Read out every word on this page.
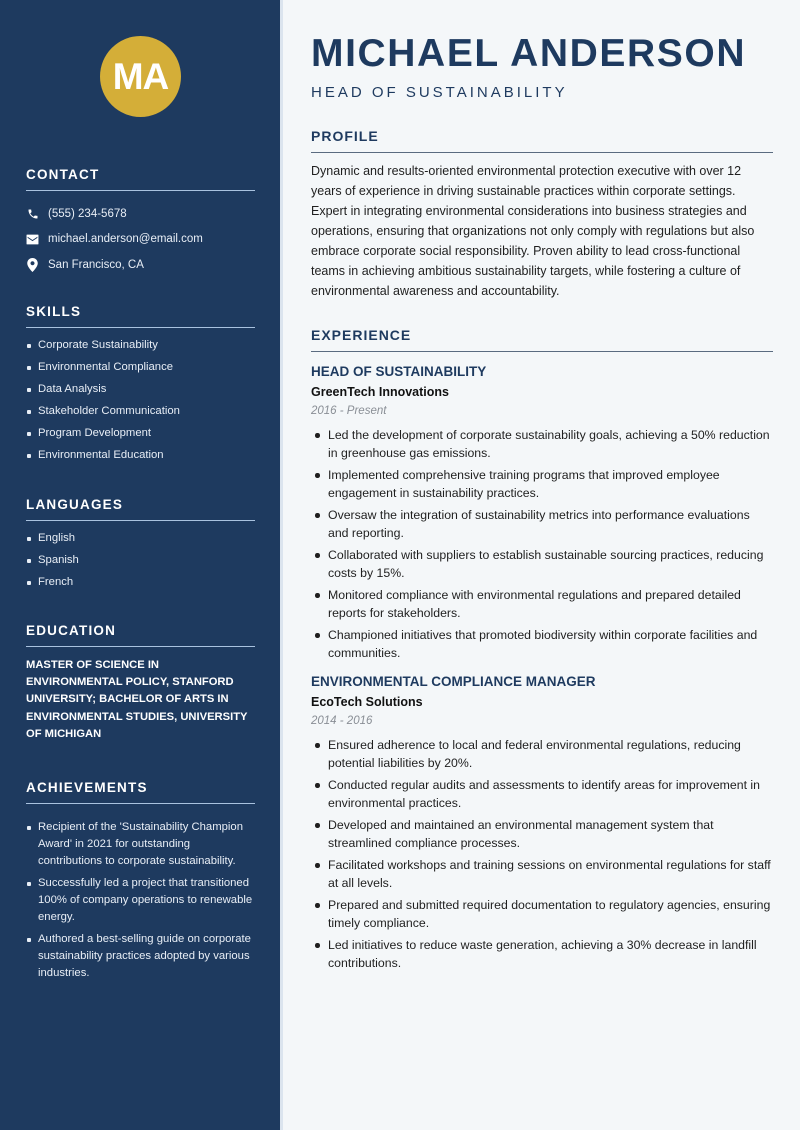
MA
CONTACT
(555) 234-5678
michael.anderson@email.com
San Francisco, CA
SKILLS
Corporate Sustainability
Environmental Compliance
Data Analysis
Stakeholder Communication
Program Development
Environmental Education
LANGUAGES
English
Spanish
French
EDUCATION

MASTER OF SCIENCE IN ENVIRONMENTAL POLICY, STANFORD UNIVERSITY; BACHELOR OF ARTS IN ENVIRONMENTAL STUDIES, UNIVERSITY OF MICHIGAN

ACHIEVEMENTS
Recipient of the 'Sustainability Champion Award' in 2021 for outstanding contributions to corporate sustainability.
Successfully led a project that transitioned 100% of company operations to renewable energy.
Authored a best-selling guide on corporate sustainability practices adopted by various industries.
MICHAEL ANDERSON
HEAD OF SUSTAINABILITY
PROFILE

Dynamic and results-oriented environmental protection executive with over 12 years of experience in driving sustainable practices within corporate settings. Expert in integrating environmental considerations into business strategies and operations, ensuring that organizations not only comply with regulations but also embrace corporate social responsibility. Proven ability to lead cross-functional teams in achieving ambitious sustainability targets, while fostering a culture of environmental awareness and accountability.

EXPERIENCE
HEAD OF SUSTAINABILITY
GreenTech Innovations
2016 - Present
Led the development of corporate sustainability goals, achieving a 50% reduction in greenhouse gas emissions.
Implemented comprehensive training programs that improved employee engagement in sustainability practices.
Oversaw the integration of sustainability metrics into performance evaluations and reporting.
Collaborated with suppliers to establish sustainable sourcing practices, reducing costs by 15%.
Monitored compliance with environmental regulations and prepared detailed reports for stakeholders.
Championed initiatives that promoted biodiversity within corporate facilities and communities.
ENVIRONMENTAL COMPLIANCE MANAGER
EcoTech Solutions
2014 - 2016
Ensured adherence to local and federal environmental regulations, reducing potential liabilities by 20%.
Conducted regular audits and assessments to identify areas for improvement in environmental practices.
Developed and maintained an environmental management system that streamlined compliance processes.
Facilitated workshops and training sessions on environmental regulations for staff at all levels.
Prepared and submitted required documentation to regulatory agencies, ensuring timely compliance.
Led initiatives to reduce waste generation, achieving a 30% decrease in landfill contributions.
